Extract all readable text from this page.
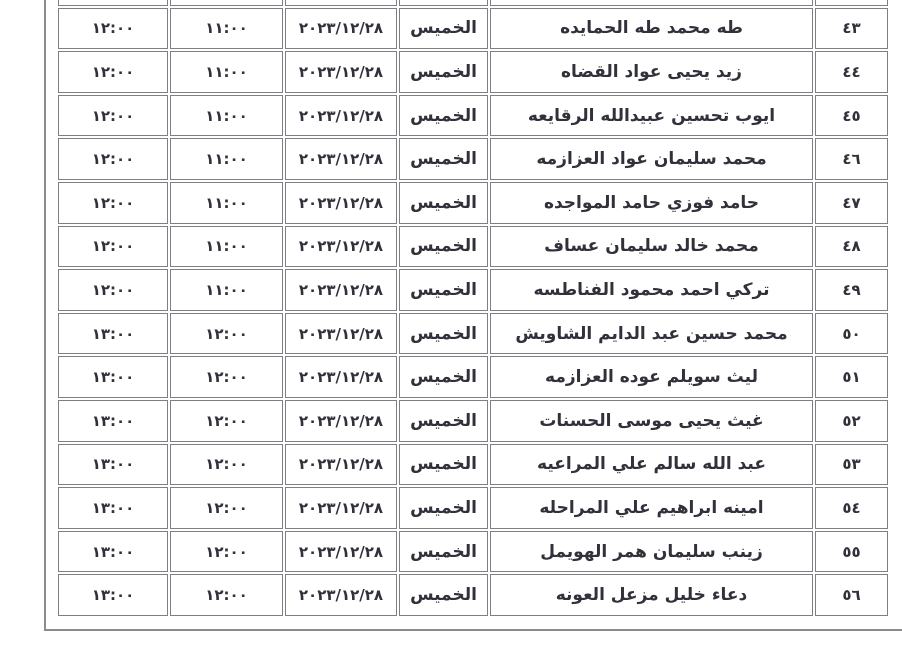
٤٣	طه محمد طه الحمايده	الخميس	٢٠٢٣/١٢/٢٨	١١:٠٠	١٢:٠٠
٤٤	زيد يحيى عواد القضاه	الخميس	٢٠٢٣/١٢/٢٨	١١:٠٠	١٢:٠٠
٤٥	ايوب تحسين عبيدالله الرقايعه	الخميس	٢٠٢٣/١٢/٢٨	١١:٠٠	١٢:٠٠
٤٦	محمد سليمان عواد العزازمه	الخميس	٢٠٢٣/١٢/٢٨	١١:٠٠	١٢:٠٠
٤٧	حامد فوزي حامد المواجده	الخميس	٢٠٢٣/١٢/٢٨	١١:٠٠	١٢:٠٠
٤٨	محمد خالد سليمان عساف	الخميس	٢٠٢٣/١٢/٢٨	١١:٠٠	١٢:٠٠
٤٩	تركي احمد محمود الفناطسه	الخميس	٢٠٢٣/١٢/٢٨	١١:٠٠	١٢:٠٠
٥٠	محمد حسين عبد الدايم الشاويش	الخميس	٢٠٢٣/١٢/٢٨	١٢:٠٠	١٣:٠٠
٥١	ليث سويلم عوده العزازمه	الخميس	٢٠٢٣/١٢/٢٨	١٢:٠٠	١٣:٠٠
٥٢	غيث يحيى موسى الحسنات	الخميس	٢٠٢٣/١٢/٢٨	١٢:٠٠	١٣:٠٠
٥٣	عبد الله سالم علي المراعيه	الخميس	٢٠٢٣/١٢/٢٨	١٢:٠٠	١٣:٠٠
٥٤	امينه ابراهيم علي المراحله	الخميس	٢٠٢٣/١٢/٢٨	١٢:٠٠	١٣:٠٠
٥٥	زينب سليمان همر الهويمل	الخميس	٢٠٢٣/١٢/٢٨	١٢:٠٠	١٣:٠٠
٥٦	دعاء خليل مزعل العونه	الخميس	٢٠٢٣/١٢/٢٨	١٢:٠٠	١٣:٠٠
